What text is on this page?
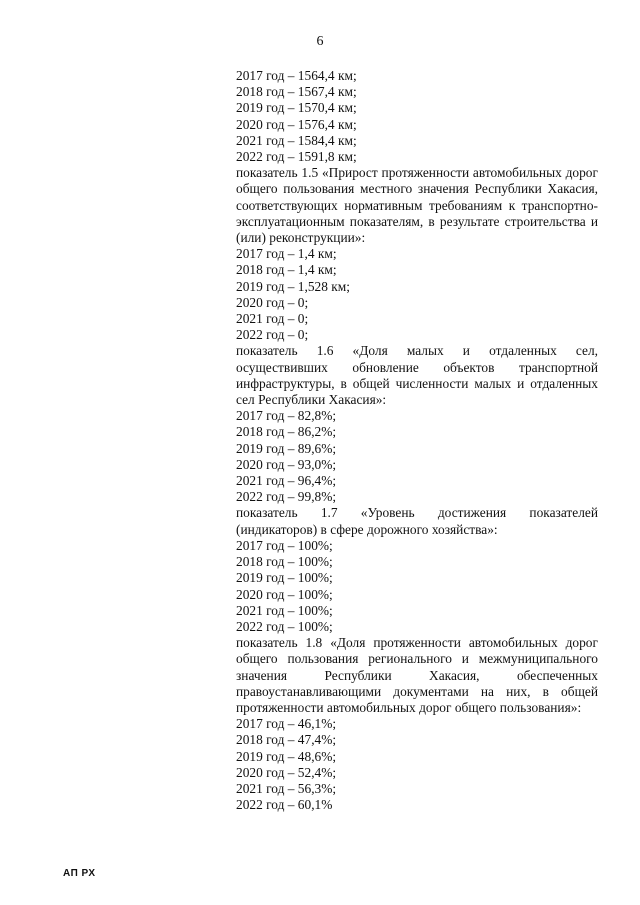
6
2017 год – 1564,4 км;
2018 год – 1567,4 км;
2019 год – 1570,4 км;
2020 год – 1576,4 км;
2021 год – 1584,4 км;
2022 год – 1591,8 км;
показатель 1.5 «Прирост протяженности автомобильных дорог общего пользования местного значения Республики Хакасия, соответствующих нормативным требованиям к транспортно-эксплуатационным показателям, в результате строительства и (или) реконструкции»:
2017 год – 1,4 км;
2018 год – 1,4 км;
2019 год – 1,528 км;
2020 год – 0;
2021 год – 0;
2022 год – 0;
показатель 1.6 «Доля малых и отдаленных сел, осуществивших обновление объектов транспортной инфраструктуры, в общей численности малых и отдаленных сел Республики Хакасия»:
2017 год – 82,8%;
2018 год – 86,2%;
2019 год – 89,6%;
2020 год – 93,0%;
2021 год – 96,4%;
2022 год – 99,8%;
показатель 1.7 «Уровень достижения показателей (индикаторов) в сфере дорожного хозяйства»:
2017 год – 100%;
2018 год – 100%;
2019 год – 100%;
2020 год – 100%;
2021 год – 100%;
2022 год – 100%;
показатель 1.8 «Доля протяженности автомобильных дорог общего пользования регионального и межмуниципального значения Республики Хакасия, обеспеченных правоустанавливающими документами на них, в общей протяженности автомобильных дорог общего пользования»:
2017 год – 46,1%;
2018 год – 47,4%;
2019 год – 48,6%;
2020 год – 52,4%;
2021 год – 56,3%;
2022 год – 60,1%
АП РХ
